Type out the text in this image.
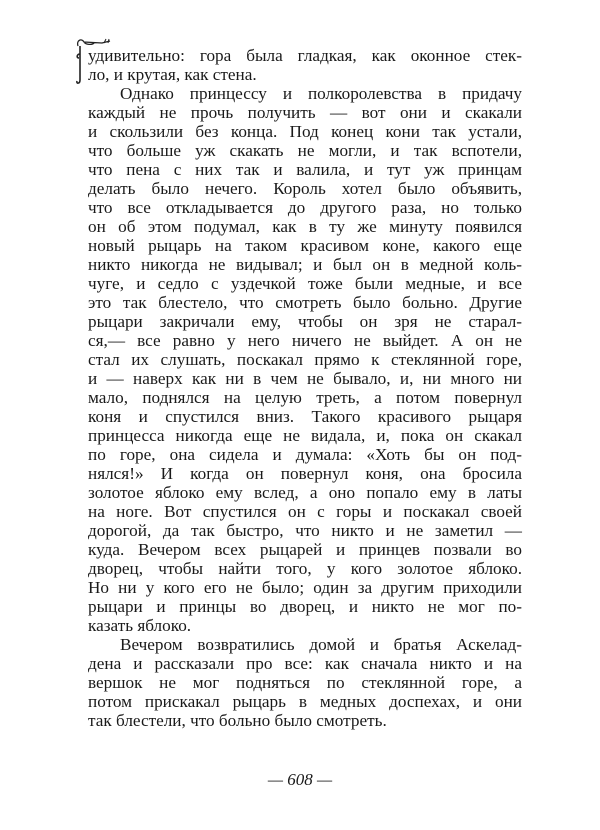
удивительно: гора была гладкая, как оконное стек-
ло, и крутая, как стена.
Однако принцессу и полкоролевства в придачу
каждый не прочь получить — вот они и скакали
и скользили без конца. Под конец кони так устали,
что больше уж скакать не могли, и так вспотели,
что пена с них так и валила, и тут уж принцам
делать было нечего. Король хотел было объявить,
что все откладывается до другого раза, но только
он об этом подумал, как в ту же минуту появился
новый рыцарь на таком красивом коне, какого еще
никто никогда не видывал; и был он в медной коль-
чуге, и седло с уздечкой тоже были медные, и все
это так блестело, что смотреть было больно. Другие
рыцари закричали ему, чтобы он зря не старал-
ся,— все равно у него ничего не выйдет. А он не
стал их слушать, поскакал прямо к стеклянной горе,
и — наверх как ни в чем не бывало, и, ни много ни
мало, поднялся на целую треть, а потом повернул
коня и спустился вниз. Такого красивого рыцаря
принцесса никогда еще не видала, и, пока он скакал
по горе, она сидела и думала: «Хоть бы он под-
нялся!» И когда он повернул коня, она бросила
золотое яблоко ему вслед, а оно попало ему в латы
на ноге. Вот спустился он с горы и поскакал своей
дорогой, да так быстро, что никто и не заметил —
куда. Вечером всех рыцарей и принцев позвали во
дворец, чтобы найти того, у кого золотое яблоко.
Но ни у кого его не было; один за другим приходили
рыцари и принцы во дворец, и никто не мог по-
казать яблоко.
Вечером возвратились домой и братья Аскелад-
дена и рассказали про все: как сначала никто и на
вершок не мог подняться по стеклянной горе, а
потом прискакал рыцарь в медных доспехах, и они
так блестели, что больно было смотреть.
— 608 —
